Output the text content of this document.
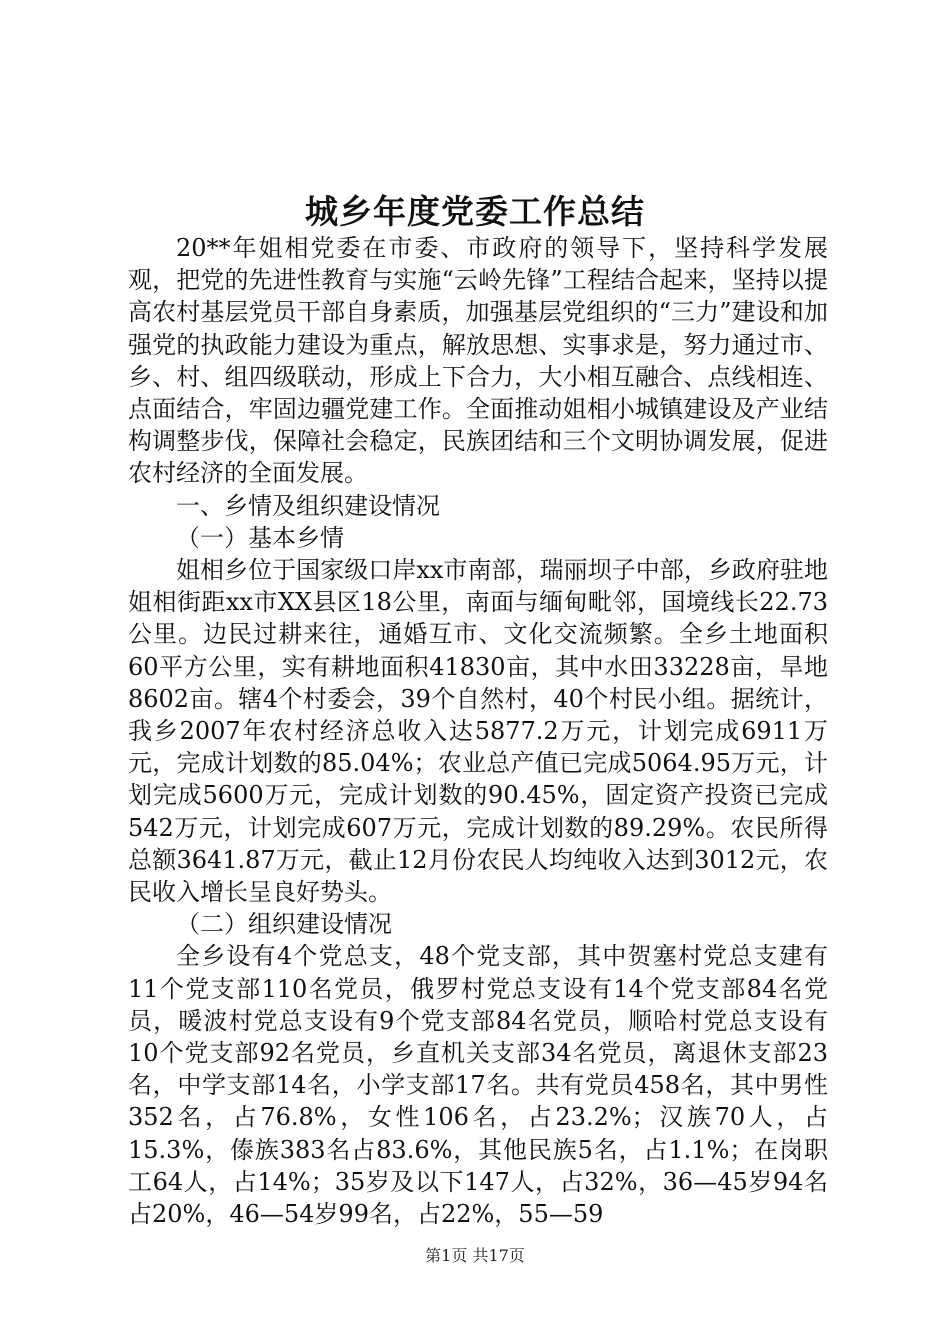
城乡年度党委工作总结

20**年姐相党委在市委、市政府的领导下，坚持科学发展观，把党的先进性教育与实施“云岭先锋”工程结合起来，坚持以提高农村基层党员干部自身素质，加强基层党组织的“三力”建设和加强党的执政能力建设为重点，解放思想、实事求是，努力通过市、乡、村、组四级联动，形成上下合力，大小相互融合、点线相连、点面结合，牢固边疆党建工作。全面推动姐相小城镇建设及产业结构调整步伐，保障社会稳定，民族团结和三个文明协调发展，促进农村经济的全面发展。

一、乡情及组织建设情况

（一）基本乡情

姐相乡位于国家级口岸xx市南部，瑞丽坝子中部，乡政府驻地姐相街距xx市XX县区18公里，南面与缅甸毗邻，国境线长22.73公里。边民过耕来往，通婚互市、文化交流频繁。全乡土地面积60平方公里，实有耕地面积41830亩，其中水田33228亩，旱地8602亩。辖4个村委会，39个自然村，40个村民小组。据统计，我乡2007年农村经济总收入达5877.2万元，计划完成6911万元，完成计划数的85.04%；农业总产值已完成5064.95万元，计划完成5600万元，完成计划数的90.45%，固定资产投资已完成542万元，计划完成607万元，完成计划数的89.29%。农民所得总额3641.87万元，截止12月份农民人均纯收入达到3012元，农民收入增长呈良好势头。

（二）组织建设情况

全乡设有4个党总支，48个党支部，其中贺塞村党总支建有11个党支部110名党员，俄罗村党总支设有14个党支部84名党员，暖波村党总支设有9个党支部84名党员，顺哈村党总支设有10个党支部92名党员，乡直机关支部34名党员，离退休支部23名，中学支部14名，小学支部17名。共有党员458名，其中男性352名，占76.8%，女性106名，占23.2%；汉族70人，占15.3%，傣族383名占83.6%，其他民族5名，占1.1%；在岗职工64人，占14%；35岁及以下147人，占32%，36—45岁94名占20%，46—54岁99名，占22%，55—59

第1页 共17页
